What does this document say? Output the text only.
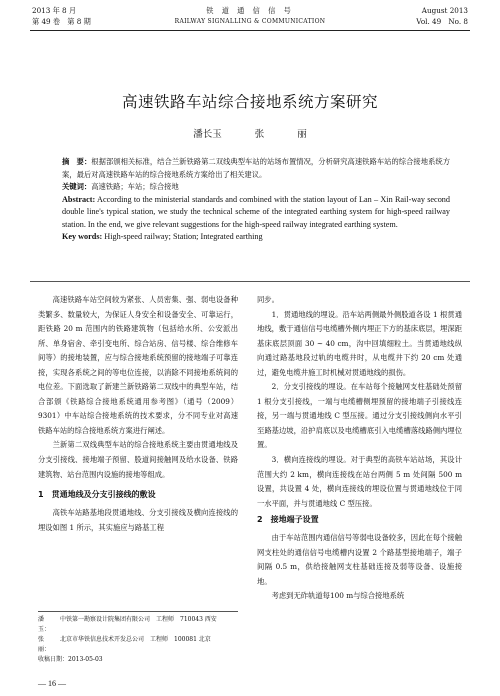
2013 年 8 月
第 49 卷　第 8 期
铁 道 通 信 信 号
RAILWAY SIGNALLING & COMMUNICATION
August 2013
Vol. 49　No. 8
高速铁路车站综合接地系统方案研究
潘长玉 张 丽

摘　要：根据部颁相关标准，结合兰新铁路第二双线典型车站的站场布置情况，分析研究高速铁路车站的综合接地系统方案，最后对高速铁路车站的综合接地系统方案给出了相关建议。

关键词：高速铁路；车站；综合接地

Abstract: According to the ministerial standards and combined with the station layout of Lan – Xin Rail-way second double line's typical station, we study the technical scheme of the integrated earthing system for high-speed railway station. In the end, we give relevant suggestions for the high-speed railway integrated earthing system.

Key words: High-speed railway; Station; Integrated earthing

高速铁路车站空间较为紧张、人员密集、强、弱电设备种类繁多、数量较大，为保证人身安全和设备安全、可靠运行，距铁路 20 m 范围内的铁路建筑物（包括给水所、公安派出所、单身宿舍、牵引变电所、综合站房、信号楼、综合维修车间等）的接地装置，应与综合接地系统预留的接地端子可靠连接，实现各系统之间的等电位连接，以消除不同接地系统间的电位差。下面选取了新建兰新铁路第二双线中的典型车站，结合部颁《铁路综合接地系统通用参考图》（通号（2009）9301）中车站综合接地系统的技术要求，分不同专业对高速铁路车站的综合接地系统方案进行阐述。

兰新第二双线典型车站的综合接地系统主要由贯通地线及分支引接线、接地端子预留、股道间接触网及给水设备、铁路建筑物、站台范围内设施的接地等组成。

1　贯通地线及分支引接线的敷设

高铁车站路基地段贯通地线、分支引接线及横向连接线的埋设如图 1 所示，其实施应与路基工程

同步。

1．贯通地线的埋设。沿车站两侧最外侧股道各设 1 根贯通地线，敷于通信信号电缆槽外侧内埋正下方的基床底层，埋深距基床底层顶面 30 ~ 40 cm，沟中回填细粒土。当贯通地线纵向通过路基地段过轨的电缆井时，从电缆井下约 20 cm 处通过，避免电缆井施工时机械对贯通地线的损伤。

2．分支引接线的埋设。在车站每个接触网支柱基础处预留 1 根分支引接线，一端与电缆槽侧埋预留的接地端子引接线连接，另一端与贯通地线 C 型压接。通过分支引接线侧向水平引至路基边坡，沿护肩底以及电缆槽底引入电缆槽落线路侧内埋位置。

3．横向连接线的埋设。对于典型的高铁车站站场，其设计范围大约 2 km，横向连接线在站台两侧 5 m 处间隔 500 m 设置，共设置 4 处，横向连接线的埋设位置与贯通地线位于同一水平面，并与贯通地线 C 型压接。

2　接地端子设置

由于车站范围内通信信号等弱电设备较多，因此在每个接触网支柱处的通信信号电缆槽内设置 2 个路基型接地端子，端子间隔 0.5 m，供给接触网支柱基础连接及弱等设备、设施接地。

考虑到无砟轨道每100 m与综合接地系统

潘　玉：
中铁第一勘察设计院集团有限公司　工程师　710043 西安
张　丽：
北京市华铁信息技术开发总公司　工程师　100081 北京
收稿日期：2013-05-03
— 16 —
